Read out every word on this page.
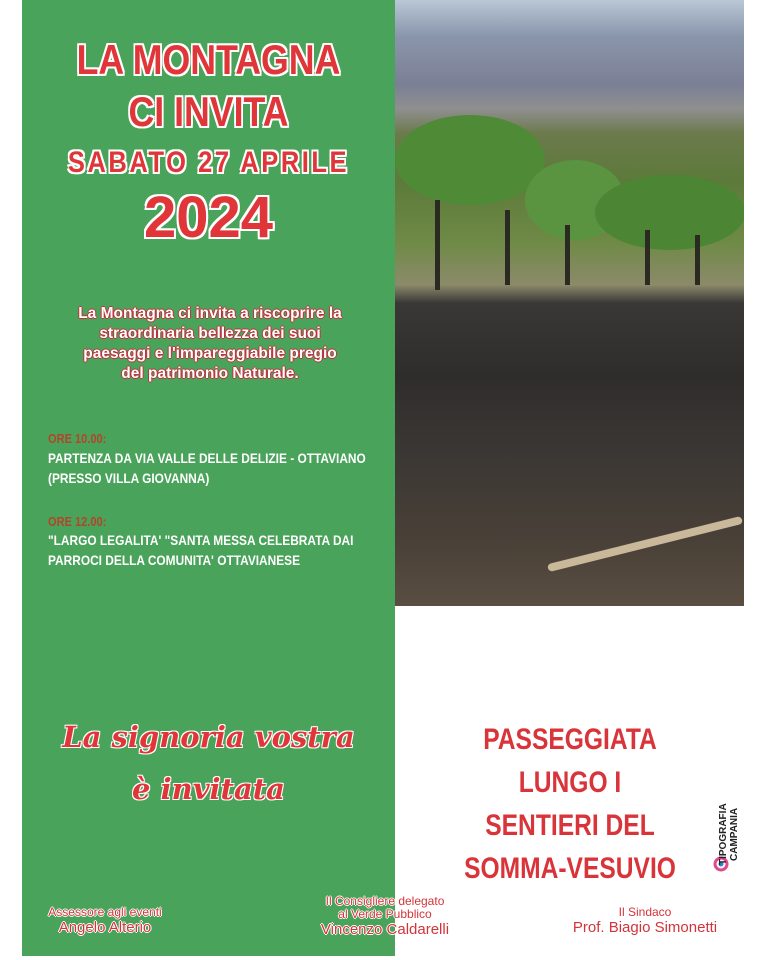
LA MONTAGNA
CI INVITA
SABATO 27 APRILE
2024
La Montagna ci invita a riscoprire la
straordinaria bellezza dei suoi
paesaggi e l'impareggiabile pregio
del patrimonio Naturale.
ORE 10.00:
PARTENZA DA VIA VALLE DELLE DELIZIE - OTTAVIANO
(PRESSO VILLA GIOVANNA)
ORE 12.00:
"LARGO LEGALITA' "SANTA MESSA CELEBRATA DAI
PARROCI DELLA COMUNITA' OTTAVIANESE
La signoria vostra
è invitata
PASSEGGIATA LUNGO I
SENTIERI DEL
SOMMA-VESUVIO
TIPOGRAFIA CAMPANIA
Assessore agli eventi
Angelo Alterio
Il Consigliere delegato
al Verde Pubblico
Vincenzo Caldarelli
Il Sindaco
Prof. Biagio Simonetti
